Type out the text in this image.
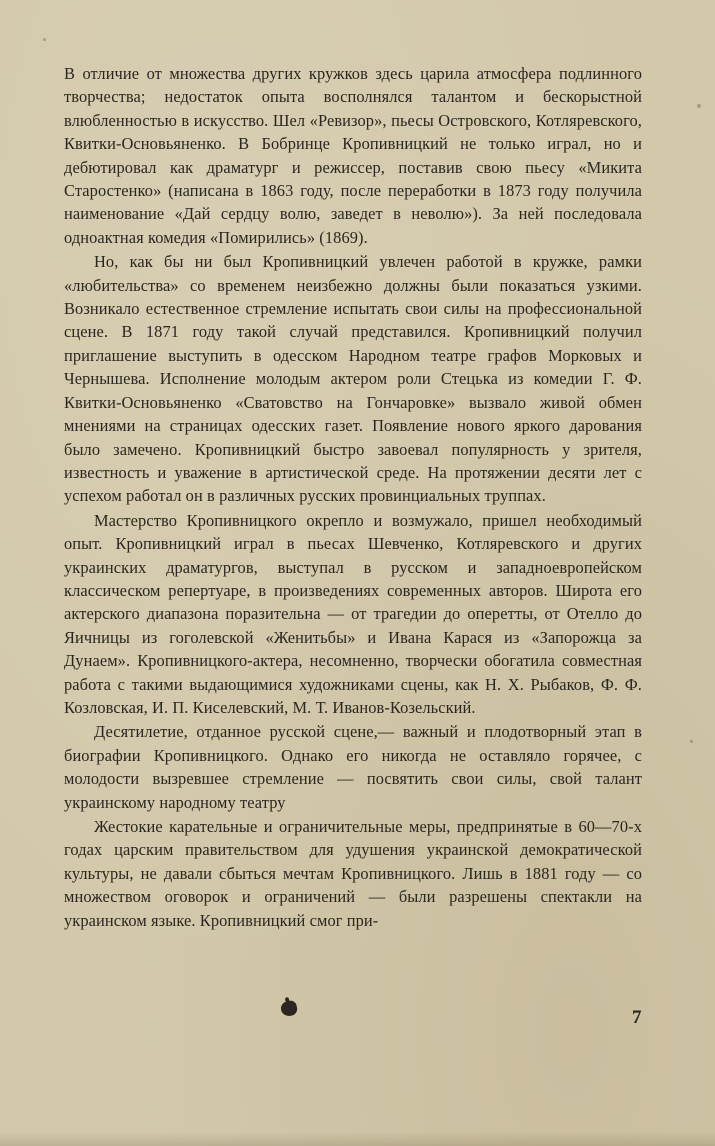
В отличие от множества других кружков здесь царила атмосфера подлинного творчества; недостаток опыта восполнялся талантом и бескорыстной влюбленностью в искусство. Шел «Ревизор», пьесы Островского, Котляревского, Квитки-Основьяненко. В Бобринце Кропивницкий не только играл, но и дебютировал как драматург и режиссер, поставив свою пьесу «Микита Старостенко» (написана в 1863 году, после переработки в 1873 году получила наименование «Дай сердцу волю, заведет в неволю»). За ней последовала одноактная комедия «Помирились» (1869).

Но, как бы ни был Кропивницкий увлечен работой в кружке, рамки «любительства» со временем неизбежно должны были показаться узкими. Возникало естественное стремление испытать свои силы на профессиональной сцене. В 1871 году такой случай представился. Кропивницкий получил приглашение выступить в одесском Народном театре графов Морковых и Чернышева. Исполнение молодым актером роли Стецька из комедии Г. Ф. Квитки-Основьяненко «Сватовство на Гончаровке» вызвало живой обмен мнениями на страницах одесских газет. Появление нового яркого дарования было замечено. Кропивницкий быстро завоевал популярность у зрителя, известность и уважение в артистической среде. На протяжении десяти лет с успехом работал он в различных русских провинциальных труппах.

Мастерство Кропивницкого окрепло и возмужало, пришел необходимый опыт. Кропивницкий играл в пьесах Шевченко, Котляревского и других украинских драматургов, выступал в русском и западноевропейском классическом репертуаре, в произведениях современных авторов. Широта его актерского диапазона поразительна — от трагедии до оперетты, от Отелло до Яичницы из гоголевской «Женитьбы» и Ивана Карася из «Запорожца за Дунаем». Кропивницкого-актера, несомненно, творчески обогатила совместная работа с такими выдающимися художниками сцены, как Н. Х. Рыбаков, Ф. Ф. Козловская, И. П. Киселевский, М. Т. Иванов-Козельский.

Десятилетие, отданное русской сцене,— важный и плодотворный этап в биографии Кропивницкого. Однако его никогда не оставляло горячее, с молодости вызревшее стремление — посвятить свои силы, свой талант украинскому народному театру

Жестокие карательные и ограничительные меры, предпринятые в 60—70-х годах царским правительством для удушения украинской демократической культуры, не давали сбыться мечтам Кропивницкого. Лишь в 1881 году — со множеством оговорок и ограничений — были разрешены спектакли на украинском языке. Кропивницкий смог при-

7
